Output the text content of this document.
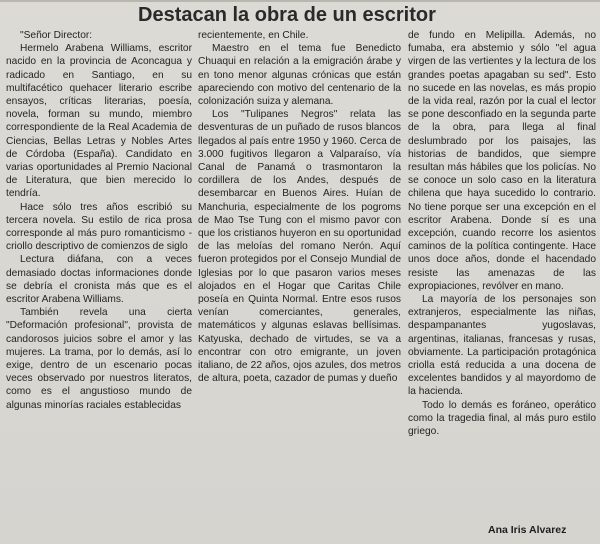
Destacan la obra de un escritor

"Señor Director:

Hermelo Arabena Williams, escritor nacido en la provincia de Aconcagua y radicado en Santiago, en su multifacético quehacer literario escribe ensayos, críticas literarias, poesía, novela, forman su mundo, miembro correspondiente de la Real Academia de Ciencias, Bellas Letras y Nobles Artes de Córdoba (España). Candidato en varias oportunidades al Premio Nacional de Literatura, que bien merecido lo tendría.

Hace sólo tres años escribió su tercera novela. Su estilo de rica prosa corresponde al más puro romanticismo - criollo descriptivo de comienzos de siglo

Lectura diáfana, con a veces demasiado doctas informaciones donde se debría el cronista más que es el escritor Arabena Williams.

También revela una cierta "Deformación profesional", provista de candorosos juicios sobre el amor y las mujeres. La trama, por lo demás, así lo exige, dentro de un escenario pocas veces observado por nuestros literatos, como es el angustioso mundo de algunas minorías raciales establecidas

recientemente, en Chile.

Maestro en el tema fue Benedicto Chuaqui en relación a la emigración árabe y en tono menor algunas crónicas que están apareciendo con motivo del centenario de la colonización suiza y alemana.

Los "Tulipanes Negros" relata las desventuras de un puñado de rusos blancos llegados al país entre 1950 y 1960. Cerca de 3.000 fugitivos llegaron a Valparaíso, vía Canal de Panamá o trasmontaron la cordillera de los Andes, después de desembarcar en Buenos Aires. Huían de Manchuria, especialmente de los pogroms de Mao Tse Tung con el mismo pavor con que los cristianos huyeron en su oportunidad de las meloías del romano Nerón. Aquí fueron protegidos por el Consejo Mundial de Iglesias por lo que pasaron varios meses alojados en el Hogar que Caritas Chile poseía en Quinta Normal. Entre esos rusos venían comerciantes, generales, matemáticos y algunas eslavas bellísimas. Katyuska, dechado de virtudes, se va a encontrar con otro emigrante, un joven italiano, de 22 años, ojos azules, dos metros de altura, poeta, cazador de pumas y dueño

de fundo en Melipilla. Además, no fumaba, era abstemio y sólo "el agua virgen de las vertientes y la lectura de los grandes poetas apagaban su sed". Esto no sucede en las novelas, es más propio de la vida real, razón por la cual el lector se pone desconfiado en la segunda parte de la obra, para llega al final deslumbrado por los paisajes, las historias de bandidos, que siempre resultan más hábiles que los policías. No se conoce un solo caso en la literatura chilena que haya sucedido lo contrario. No tiene porque ser una excepción en el escritor Arabena. Donde sí es una excepción, cuando recorre los asientos caminos de la política contingente. Hace unos doce años, donde el hacendado resiste las amenazas de las expropiaciones, revólver en mano.

La mayoría de los personajes son extranjeros, especialmente las niñas, despampanantes yugoslavas, argentinas, italianas, francesas y rusas, obviamente. La participación protagónica criolla está reducida a una docena de excelentes bandidos y al mayordomo de la hacienda.

Todo lo demás es foráneo, operático como la tragedia final, al más puro estilo griego.

Ana Iris Alvarez
